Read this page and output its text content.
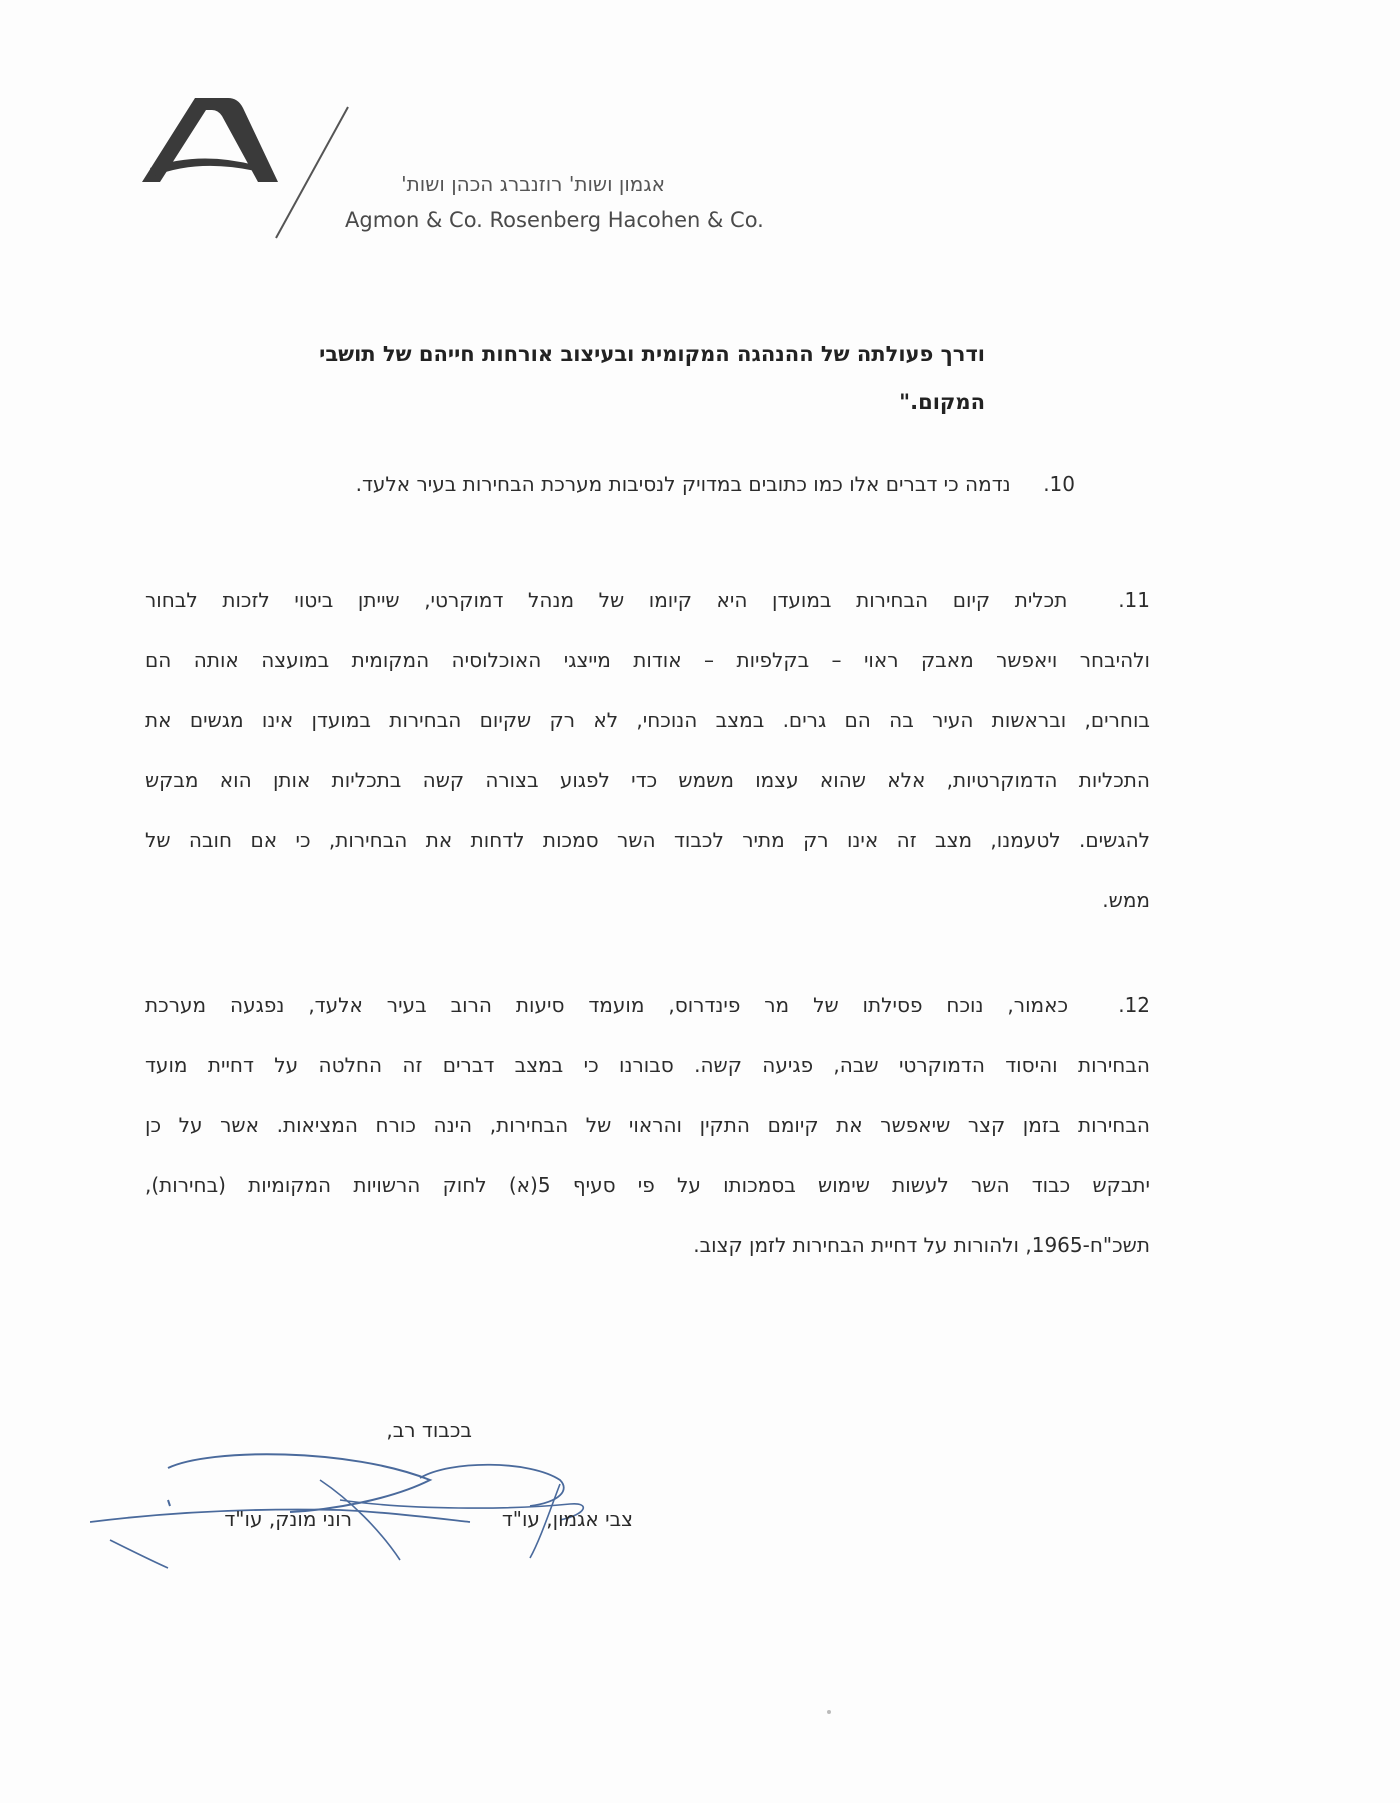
אגמון ושות' רוזנברג הכהן ושות'
Agmon & Co. Rosenberg Hacohen & Co.
ודרך פעולתה של ההנהגה המקומית ובעיצוב אורחות חייהם של תושבי
המקום."
10. נדמה כי דברים אלו כמו כתובים במדויק לנסיבות מערכת הבחירות בעיר אלעד.
11. תכלית קיום הבחירות במועדן היא קיומו של מנהל דמוקרטי, שייתן ביטוי לזכות לבחור
ולהיבחר ויאפשר מאבק ראוי – בקלפיות – אודות מייצגי האוכלוסיה המקומית במועצה אותה הם
בוחרים, ובראשות העיר בה הם גרים. במצב הנוכחי, לא רק שקיום הבחירות במועדן אינו מגשים את
התכליות הדמוקרטיות, אלא שהוא עצמו משמש כדי לפגוע בצורה קשה בתכליות אותן הוא מבקש
להגשים. לטעמנו, מצב זה אינו רק מתיר לכבוד השר סמכות לדחות את הבחירות, כי אם חובה של
ממש.
12. כאמור, נוכח פסילתו של מר פינדרוס, מועמד סיעות הרוב בעיר אלעד, נפגעה מערכת
הבחירות והיסוד הדמוקרטי שבה, פגיעה קשה. סבורנו כי במצב דברים זה החלטה על דחיית מועד
הבחירות בזמן קצר שיאפשר את קיומם התקין והראוי של הבחירות, הינה כורח המציאות. אשר על כן
יתבקש כבוד השר לעשות שימוש בסמכותו על פי סעיף 5(א) לחוק הרשויות המקומיות (בחירות),
תשכ"ח-1965, ולהורות על דחיית הבחירות לזמן קצוב.
בכבוד רב,
צבי אגמון, עו"ד
רוני מונק, עו"ד
